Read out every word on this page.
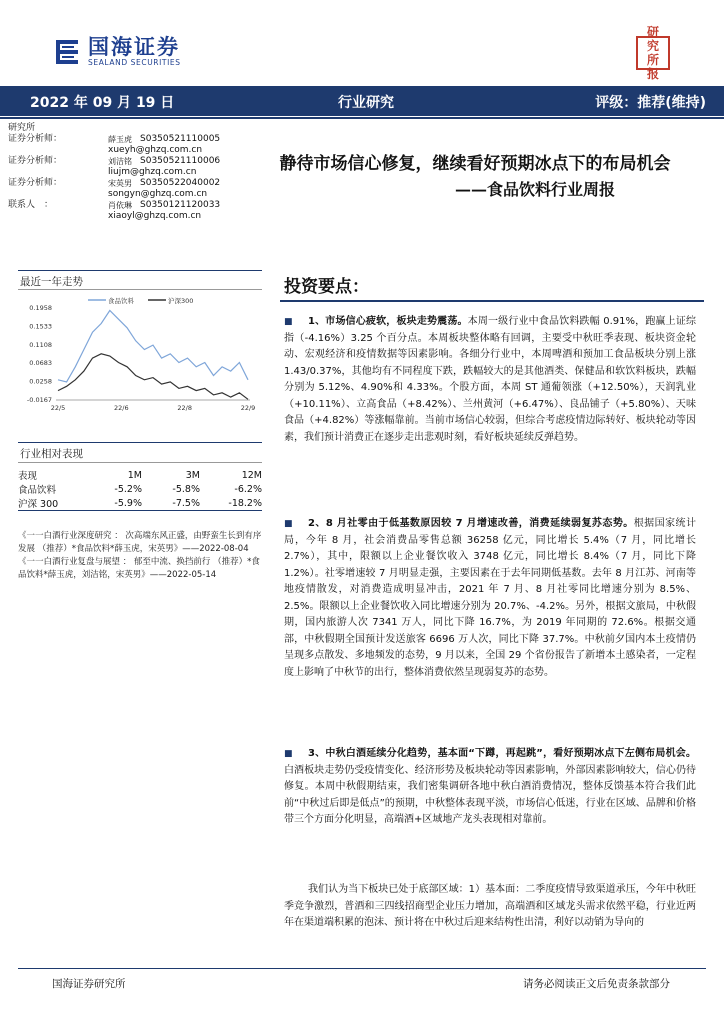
国海证券
SEALAND SECURITIES
研
究
所
报
2022 年 09 月 19 日	行业研究	评级：推荐(维持)
研究所
证券分析师：	薛玉虎 S0350521110005
xueyh@ghzq.com.cn
证券分析师：	刘洁铭 S0350521110006
liujm@ghzq.com.cn
证券分析师：	宋英男 S0350522040002
songyn@ghzq.com.cn
联系人　：	肖依琳 S0350121120033
xiaoyl@ghzq.com.cn
静待市场信心修复，继续看好预期冰点下的布局机会
——食品饮料行业周报
最近一年走势
-0.0167
0.0258
0.0683
0.1108
0.1533
0.1958
22/5	22/6	22/8	22/9
食品饮料	沪深300
行业相对表现
表现	1M	3M	12M
食品饮料	-5.2%	-5.8%	-6.2%
沪深 300	-5.9%	-7.5%	-18.2%

《一一白酒行业深度研究 ： 次高端东风正盛，由野蛮生长到有序发展 （推荐）*食品饮料*薛玉虎，宋英男》——2022-08-04

《一一白酒行业复盘与展望 ： 郁至中流、换挡前行 （推荐）*食品饮料*薛玉虎，刘洁铭，宋英男》——2022-05-14

投资要点：
■ 1、市场信心疲软，板块走势震荡。本周一级行业中食品饮料跌幅 0.91%，跑赢上证综指（-4.16%）3.25 个百分点。本周板块整体略有回调，主要受中秋旺季表现、板块资金轮动、宏观经济和疫情数据等因素影响。各细分行业中，本周啤酒和预加工食品板块分别上涨 1.43/0.37%，其他均有不同程度下跌，跌幅较大的是其他酒类、保健品和软饮料板块，跌幅分别为 5.12%、4.90%和 4.33%。个股方面，本周 ST 通葡领涨（+12.50%），天润乳业（+10.11%）、立高食品（+8.42%）、兰州黄河（+6.47%）、良品铺子（+5.80%）、天味食品（+4.82%）等涨幅靠前。当前市场信心较弱，但综合考虑疫情边际转好、板块轮动等因素，我们预计消费正在逐步走出悲观时刻，看好板块延续反弹趋势。
■ 2、8 月社零由于低基数原因较 7 月增速改善，消费延续弱复苏态势。根据国家统计局，今年 8 月，社会消费品零售总额 36258 亿元，同比增长 5.4%（7 月，同比增长 2.7%），其中，限额以上企业餐饮收入 3748 亿元，同比增长 8.4%（7 月，同比下降 1.2%）。社零增速较 7 月明显走强，主要因素在于去年同期低基数。去年 8 月江苏、河南等地疫情散发，对消费造成明显冲击，2021 年 7 月、8 月社零同比增速分别为 8.5%、2.5%。限额以上企业餐饮收入同比增速分别为 20.7%、-4.2%。另外，根据文旅局，中秋假期，国内旅游人次 7341 万人，同比下降 16.7%，为 2019 年同期的 72.6%。根据交通部，中秋假期全国预计发送旅客 6696 万人次，同比下降 37.7%。中秋前夕国内本土疫情仍呈现多点散发、多地频发的态势，9 月以来，全国 29 个省份报告了新增本土感染者，一定程度上影响了中秋节的出行，整体消费依然呈现弱复苏的态势。
■ 3、中秋白酒延续分化趋势，基本面“下蹲，再起跳”，看好预期冰点下左侧布局机会。白酒板块走势仍受疫情变化、经济形势及板块轮动等因素影响，外部因素影响较大，信心仍待修复。本周中秋假期结束，我们密集调研各地中秋白酒消费情况，整体反馈基本符合我们此前“中秋过后即是低点”的预期，中秋整体表现平淡，市场信心低迷，行业在区域、品牌和价格带三个方面分化明显，高端酒+区域地产龙头表现相对靠前。
我们认为当下板块已处于底部区域：1）基本面：二季度疫情导致渠道承压，今年中秋旺季竞争激烈，普酒和三四线招商型企业压力增加，高端酒和区域龙头需求依然平稳，行业近两年在渠道端积累的泡沫、预计将在中秋过后迎来结构性出清，利好以动销为导向的
国海证券研究所	请务必阅读正文后免责条款部分
